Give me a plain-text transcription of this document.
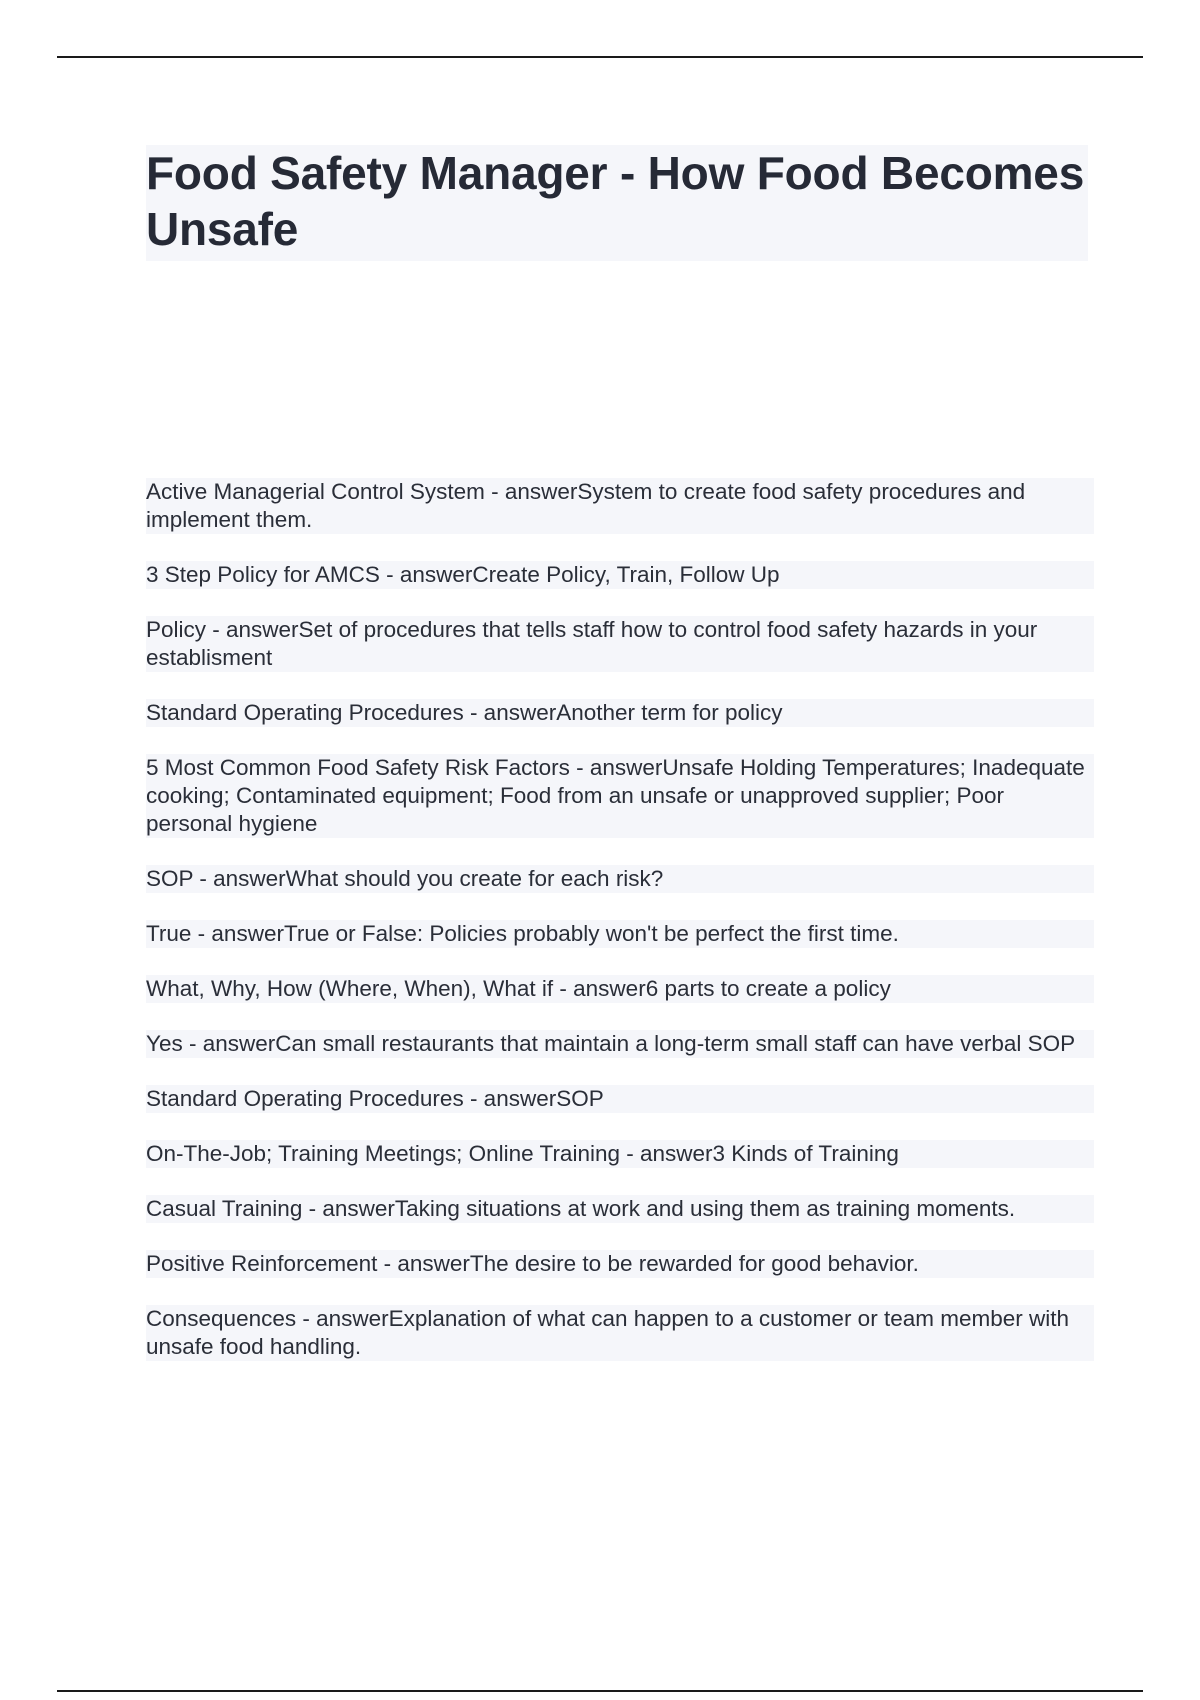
Food Safety Manager - How Food Becomes Unsafe

Active Managerial Control System - answerSystem to create food safety procedures and implement them.

3 Step Policy for AMCS - answerCreate Policy, Train, Follow Up

Policy - answerSet of procedures that tells staff how to control food safety hazards in your establisment

Standard Operating Procedures - answerAnother term for policy

5 Most Common Food Safety Risk Factors - answerUnsafe Holding Temperatures; Inadequate cooking; Contaminated equipment; Food from an unsafe or unapproved supplier; Poor personal hygiene

SOP - answerWhat should you create for each risk?

True - answerTrue or False: Policies probably won't be perfect the first time.

What, Why, How (Where, When), What if - answer6 parts to create a policy

Yes - answerCan small restaurants that maintain a long-term small staff can have verbal SOP

Standard Operating Procedures - answerSOP

On-The-Job; Training Meetings; Online Training - answer3 Kinds of Training

Casual Training - answerTaking situations at work and using them as training moments.

Positive Reinforcement - answerThe desire to be rewarded for good behavior.

Consequences - answerExplanation of what can happen to a customer or team member with unsafe food handling.
